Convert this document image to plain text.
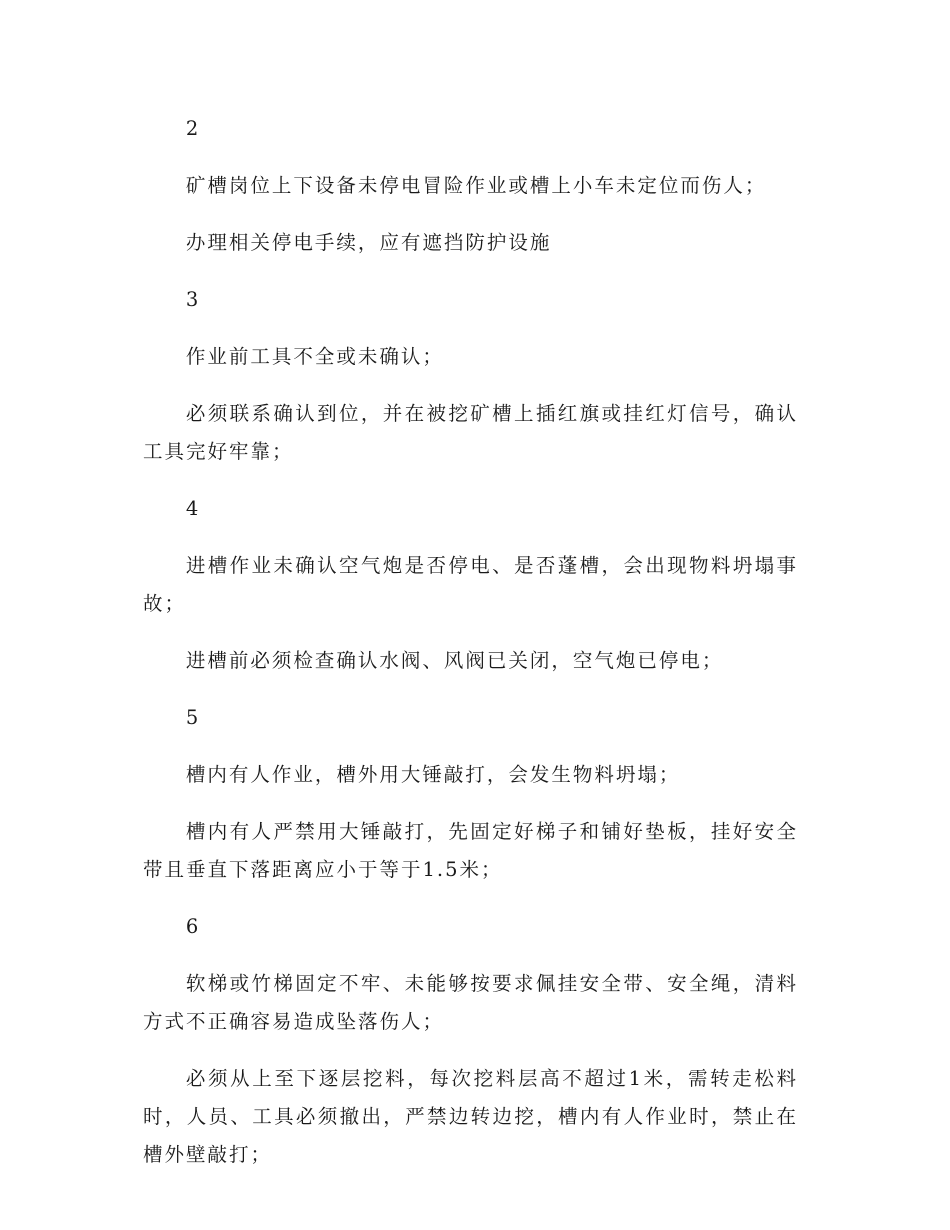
2

矿槽岗位上下设备未停电冒险作业或槽上小车未定位而伤人；

办理相关停电手续，应有遮挡防护设施

3

作业前工具不全或未确认；

必须联系确认到位，并在被挖矿槽上插红旗或挂红灯信号，确认工具完好牢靠；

4

进槽作业未确认空气炮是否停电、是否蓬槽，会出现物料坍塌事故；

进槽前必须检查确认水阀、风阀已关闭，空气炮已停电；

5

槽内有人作业，槽外用大锤敲打，会发生物料坍塌；

槽内有人严禁用大锤敲打，先固定好梯子和铺好垫板，挂好安全带且垂直下落距离应小于等于1.5米；

6

软梯或竹梯固定不牢、未能够按要求佩挂安全带、安全绳，清料方式不正确容易造成坠落伤人；

必须从上至下逐层挖料，每次挖料层高不超过1米，需转走松料时，人员、工具必须撤出，严禁边转边挖，槽内有人作业时，禁止在槽外壁敲打；
